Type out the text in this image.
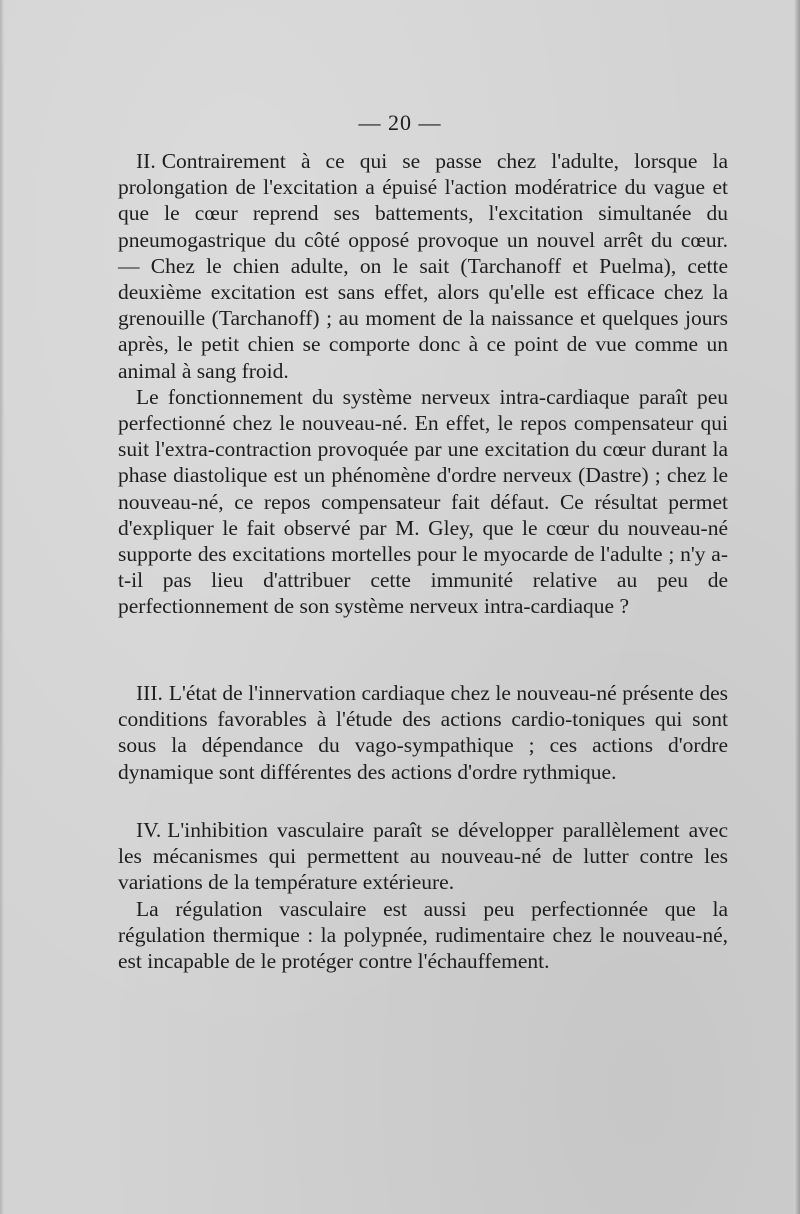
— 20 —

II. Contrairement à ce qui se passe chez l'adulte, lorsque la prolongation de l'excitation a épuisé l'action modératrice du vague et que le cœur reprend ses battements, l'excitation simultanée du pneumogastrique du côté opposé provoque un nouvel arrêt du cœur. — Chez le chien adulte, on le sait (Tarchanoff et Puelma), cette deuxième excitation est sans effet, alors qu'elle est efficace chez la grenouille (Tarchanoff) ; au moment de la naissance et quelques jours après, le petit chien se comporte donc à ce point de vue comme un animal à sang froid.

Le fonctionnement du système nerveux intra-cardiaque paraît peu perfectionné chez le nouveau-né. En effet, le repos compensateur qui suit l'extra-contraction provoquée par une excitation du cœur durant la phase diastolique est un phénomène d'ordre nerveux (Dastre) ; chez le nouveau-né, ce repos compensateur fait défaut. Ce résultat permet d'expliquer le fait observé par M. Gley, que le cœur du nouveau-né supporte des excitations mortelles pour le myocarde de l'adulte ; n'y a-t-il pas lieu d'attribuer cette immunité relative au peu de perfectionnement de son système nerveux intra-cardiaque ?

III. L'état de l'innervation cardiaque chez le nouveau-né présente des conditions favorables à l'étude des actions cardio-toniques qui sont sous la dépendance du vago-sympathique ; ces actions d'ordre dynamique sont différentes des actions d'ordre rythmique.

IV. L'inhibition vasculaire paraît se développer parallèlement avec les mécanismes qui permettent au nouveau-né de lutter contre les variations de la température extérieure.

La régulation vasculaire est aussi peu perfectionnée que la régulation thermique : la polypnée, rudimentaire chez le nouveau-né, est incapable de le protéger contre l'échauffement.
